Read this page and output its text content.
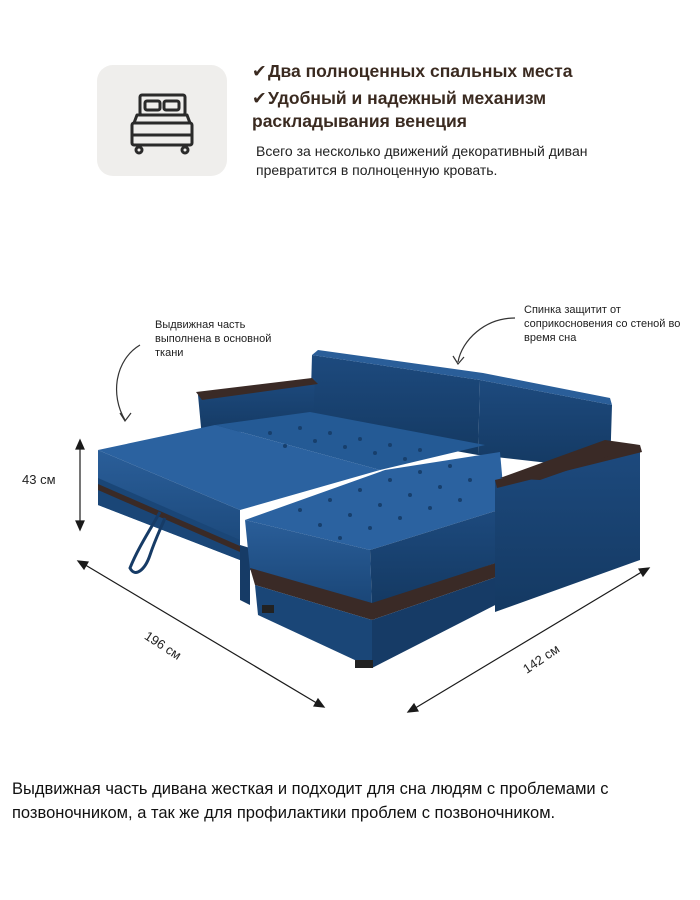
✔Два полноценных спальных места
✔Удобный и надежный механизм
раскладывания венеция
Всего за несколько движений декоративный диван превратится в полноценную кровать.
Выдвижная часть выполнена в основной ткани
Спинка защитит от соприкосновения со стеной во время сна
43 см
196 см	142 см
Выдвижная часть дивана жесткая и подходит для сна людям с проблемами с позвоночником, а так же для профилактики проблем с позвоночником.
